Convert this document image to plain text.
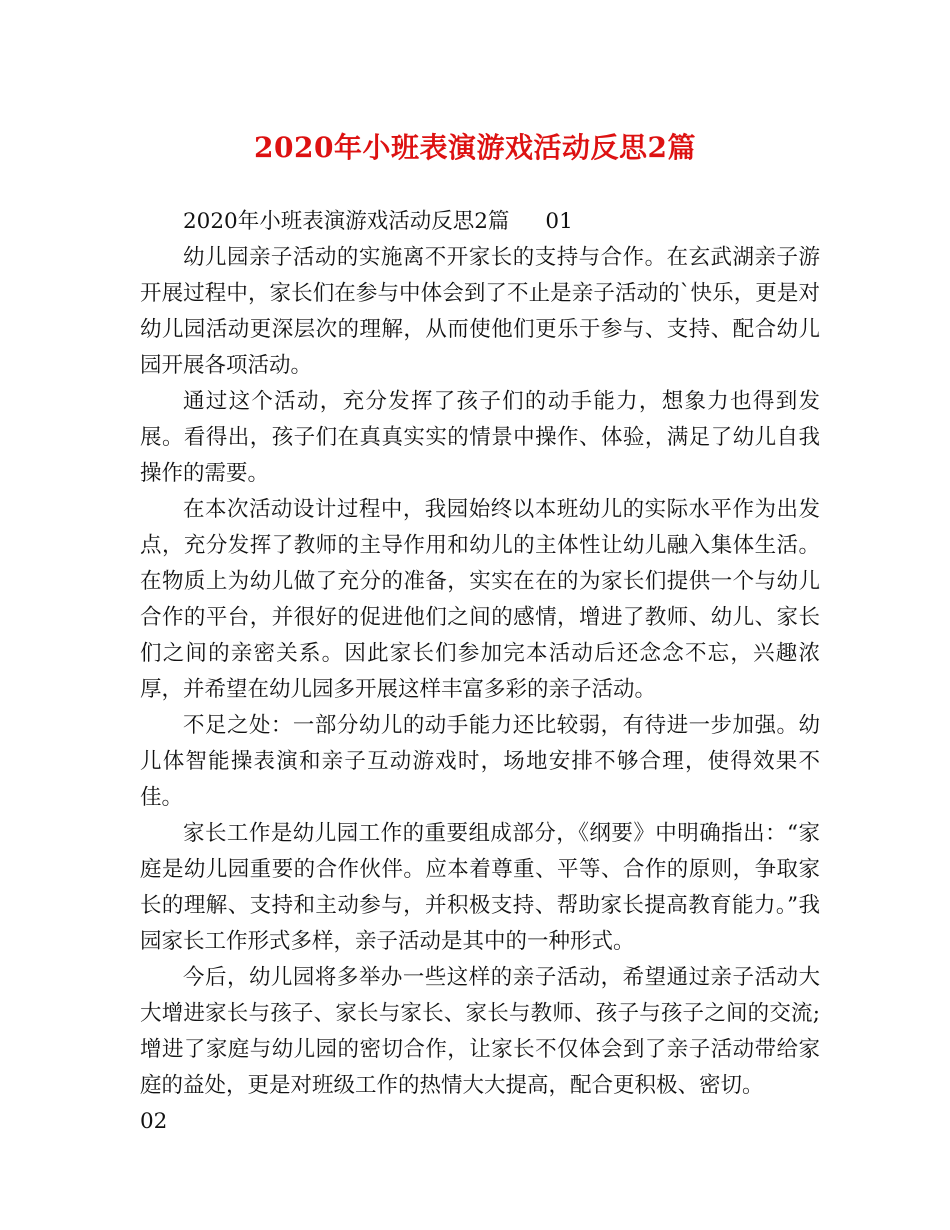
2020年小班表演游戏活动反思2篇

2020年小班表演游戏活动反思2篇 01

幼儿园亲子活动的实施离不开家长的支持与合作。在玄武湖亲子游开展过程中，家长们在参与中体会到了不止是亲子活动的`快乐，更是对幼儿园活动更深层次的理解，从而使他们更乐于参与、支持、配合幼儿园开展各项活动。

通过这个活动，充分发挥了孩子们的动手能力，想象力也得到发展。看得出，孩子们在真真实实的情景中操作、体验，满足了幼儿自我操作的需要。

在本次活动设计过程中，我园始终以本班幼儿的实际水平作为出发点，充分发挥了教师的主导作用和幼儿的主体性让幼儿融入集体生活。在物质上为幼儿做了充分的准备，实实在在的为家长们提供一个与幼儿合作的平台，并很好的促进他们之间的感情，增进了教师、幼儿、家长们之间的亲密关系。因此家长们参加完本活动后还念念不忘，兴趣浓厚，并希望在幼儿园多开展这样丰富多彩的亲子活动。

不足之处：一部分幼儿的动手能力还比较弱，有待进一步加强。幼儿体智能操表演和亲子互动游戏时，场地安排不够合理，使得效果不佳。

家长工作是幼儿园工作的重要组成部分，《纲要》中明确指出：“家庭是幼儿园重要的合作伙伴。应本着尊重、平等、合作的原则，争取家长的理解、支持和主动参与，并积极支持、帮助家长提高教育能力。”我园家长工作形式多样，亲子活动是其中的一种形式。

今后，幼儿园将多举办一些这样的亲子活动，希望通过亲子活动大大增进家长与孩子、家长与家长、家长与教师、孩子与孩子之间的交流;增进了家庭与幼儿园的密切合作，让家长不仅体会到了亲子活动带给家庭的益处，更是对班级工作的热情大大提高，配合更积极、密切。

02
